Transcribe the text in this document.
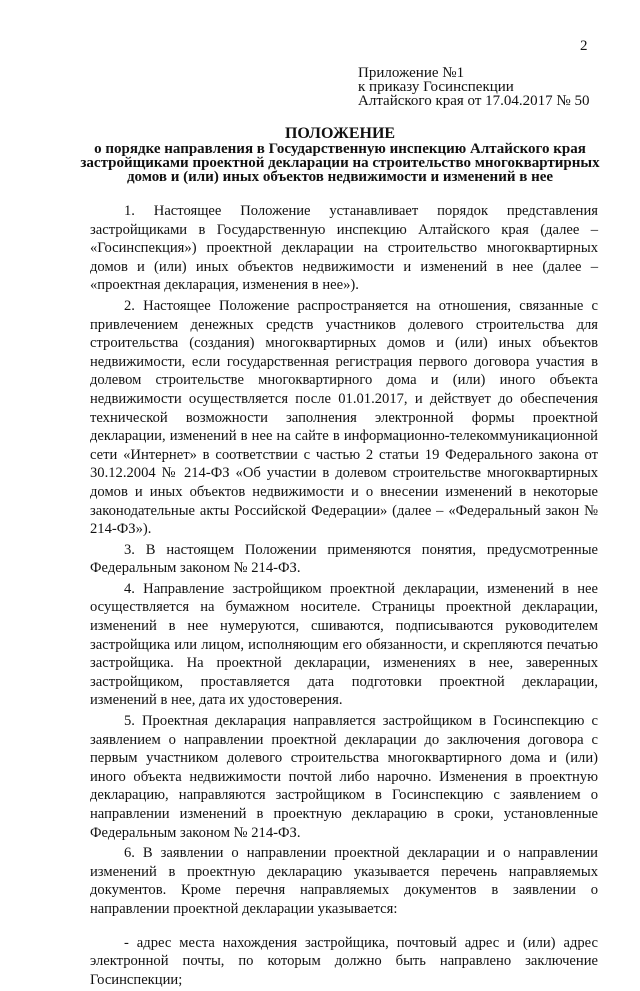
2
Приложение №1
к приказу Госинспекции
Алтайского края от 17.04.2017 № 50
ПОЛОЖЕНИЕ
о порядке направления в Государственную инспекцию Алтайского края застройщиками проектной декларации на строительство многоквартирных домов и (или) иных объектов недвижимости и изменений в нее

1. Настоящее Положение устанавливает порядок представления застройщиками в Государственную инспекцию Алтайского края (далее – «Госинспекция») проектной декларации на строительство многоквартирных домов и (или) иных объектов недвижимости и изменений в нее (далее – «проектная декларация, изменения в нее»).

2. Настоящее Положение распространяется на отношения, связанные с привлечением денежных средств участников долевого строительства для строительства (создания) многоквартирных домов и (или) иных объектов недвижимости, если государственная регистрация первого договора участия в долевом строительстве многоквартирного дома и (или) иного объекта недвижимости осуществляется после 01.01.2017, и действует до обеспечения технической возможности заполнения электронной формы проектной декларации, изменений в нее на сайте в информационно-телекоммуникационной сети «Интернет» в соответствии с частью 2 статьи 19 Федерального закона от 30.12.2004 № 214-ФЗ «Об участии в долевом строительстве многоквартирных домов и иных объектов недвижимости и о внесении изменений в некоторые законодательные акты Российской Федерации» (далее – «Федеральный закон № 214-ФЗ»).

3. В настоящем Положении применяются понятия, предусмотренные Федеральным законом № 214-ФЗ.

4. Направление застройщиком проектной декларации, изменений в нее осуществляется на бумажном носителе. Страницы проектной декларации, изменений в нее нумеруются, сшиваются, подписываются руководителем застройщика или лицом, исполняющим его обязанности, и скрепляются печатью застройщика. На проектной декларации, изменениях в нее, заверенных застройщиком, проставляется дата подготовки проектной декларации, изменений в нее, дата их удостоверения.

5. Проектная декларация направляется застройщиком в Госинспекцию с заявлением о направлении проектной декларации до заключения договора с первым участником долевого строительства многоквартирного дома и (или) иного объекта недвижимости почтой либо нарочно. Изменения в проектную декларацию, направляются застройщиком в Госинспекцию с заявлением о направлении изменений в проектную декларацию в сроки, установленные Федеральным законом № 214-ФЗ.

6. В заявлении о направлении проектной декларации и о направлении изменений в проектную декларацию указывается перечень направляемых документов. Кроме перечня направляемых документов в заявлении о направлении проектной декларации указывается:

- адрес места нахождения застройщика, почтовый адрес и (или) адрес электронной почты, по которым должно быть направлено заключение Госинспекции;
